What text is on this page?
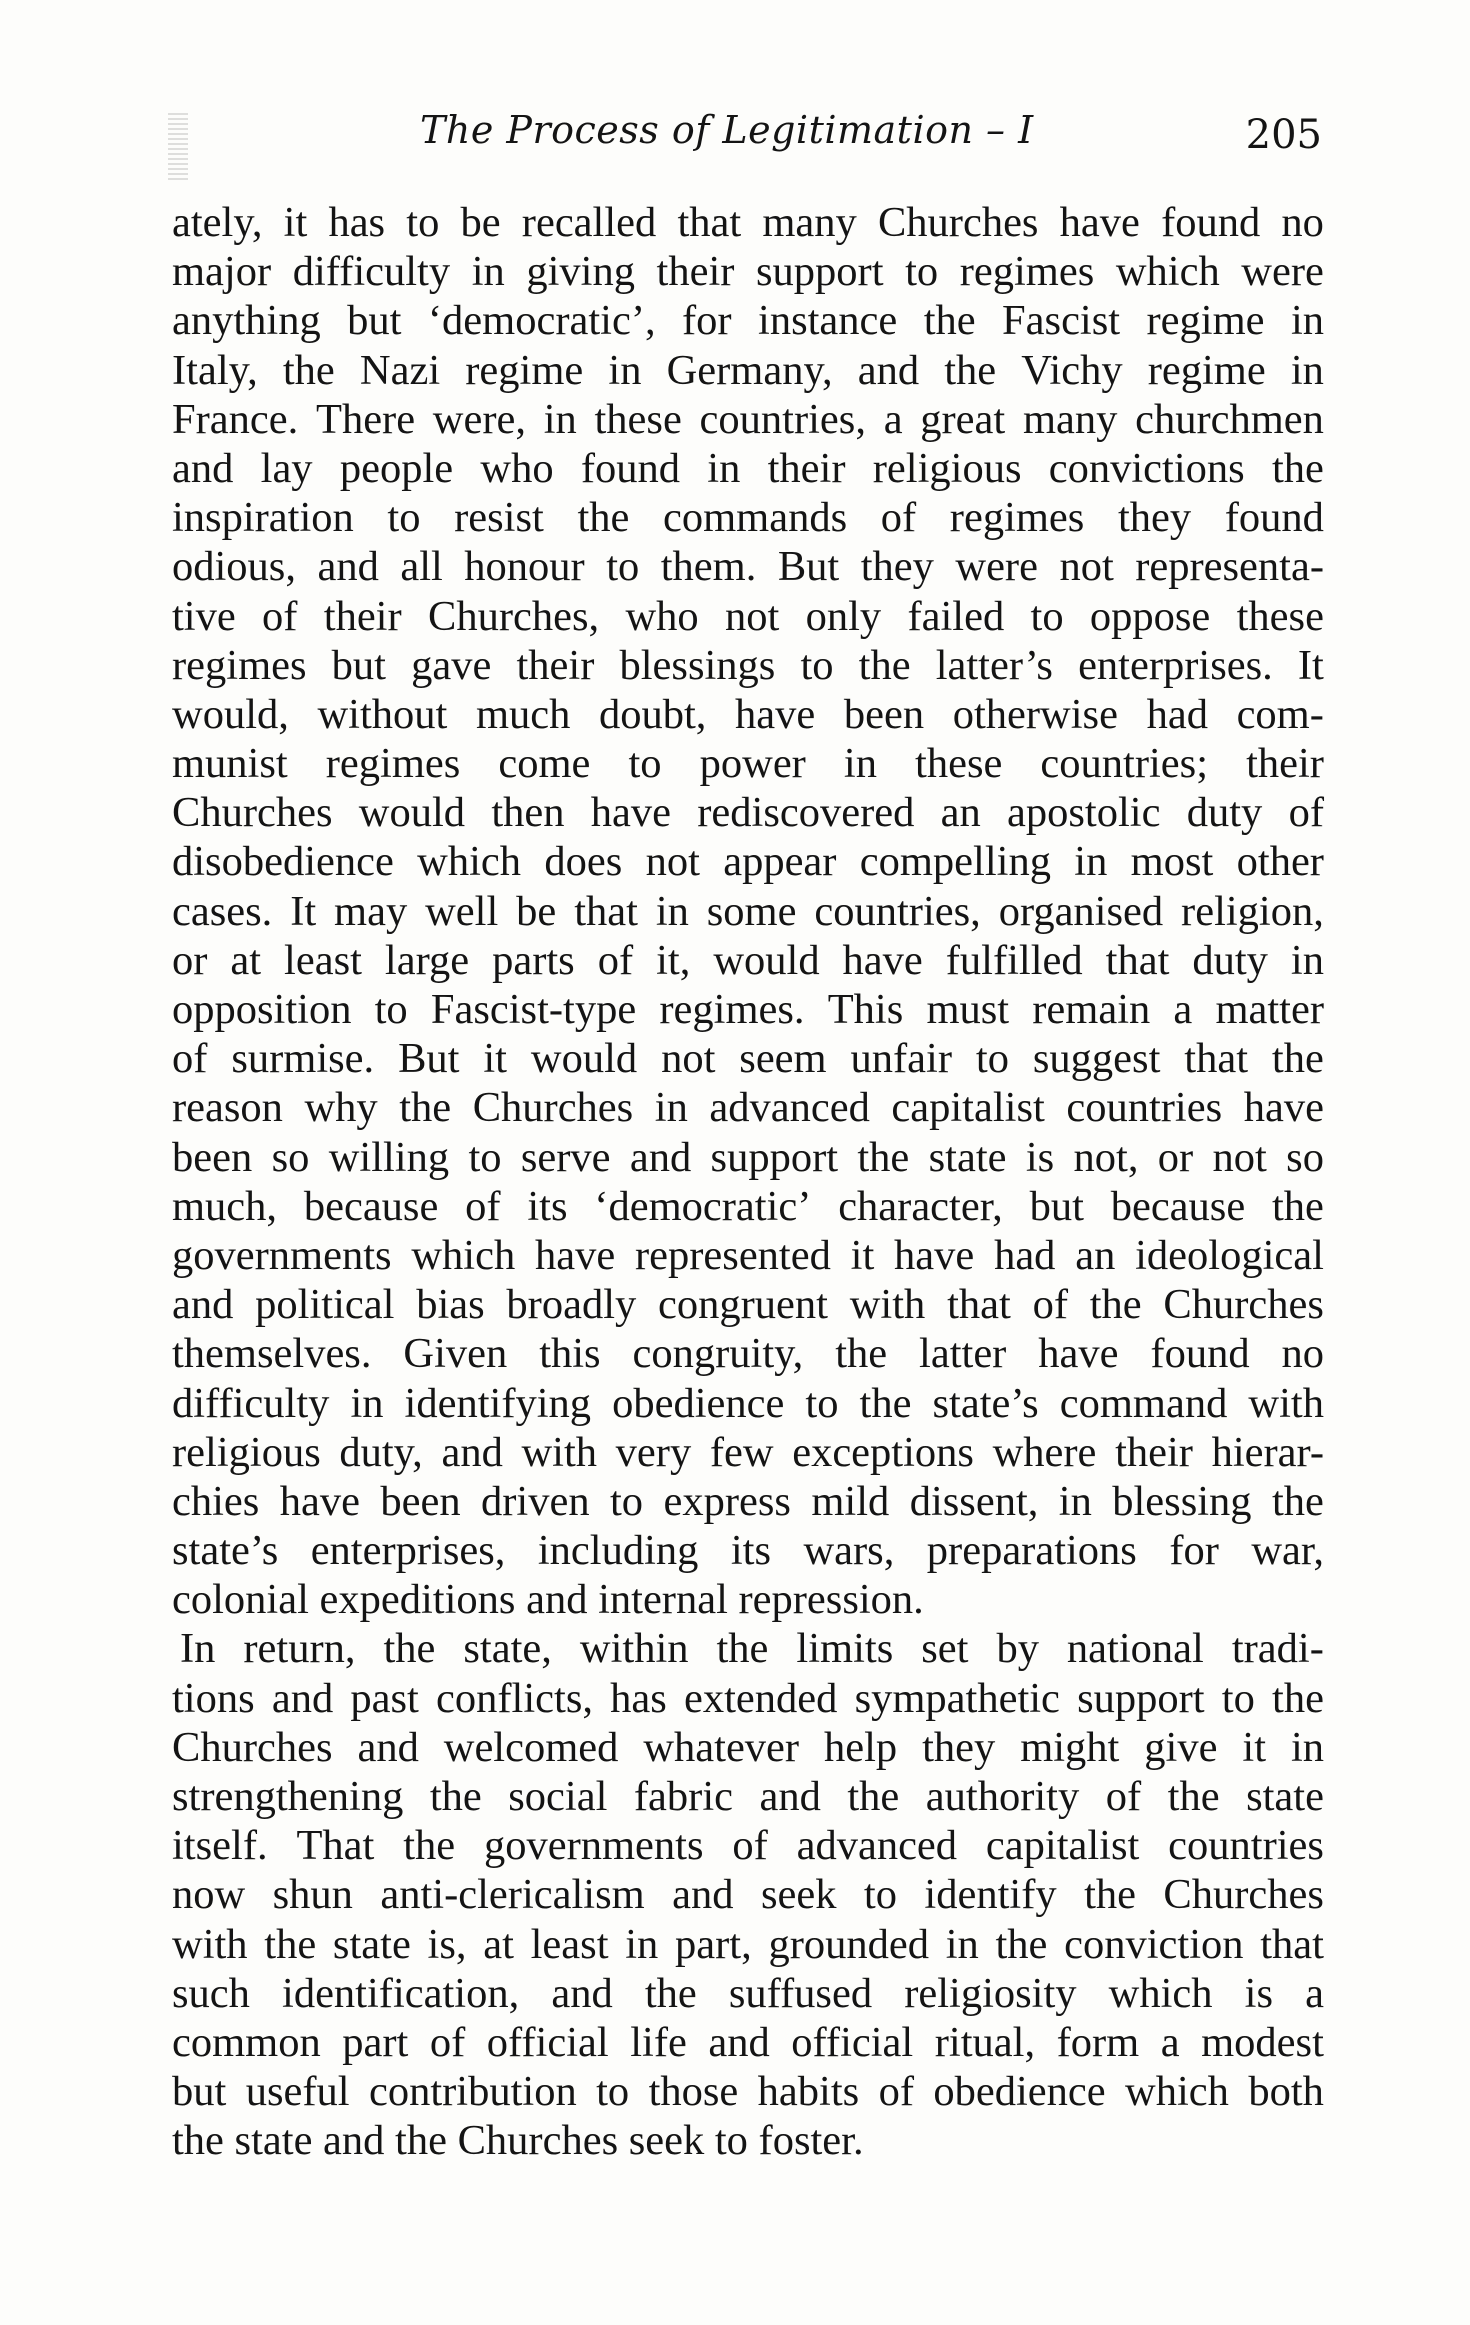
The Process of Legitimation – I	205
ately, it has to be recalled that many Churches have found no
major difficulty in giving their support to regimes which were
anything but ‘democratic’, for instance the Fascist regime in
Italy, the Nazi regime in Germany, and the Vichy regime in
France. There were, in these countries, a great many churchmen
and lay people who found in their religious convictions the
inspiration to resist the commands of regimes they found
odious, and all honour to them. But they were not representa-
tive of their Churches, who not only failed to oppose these
regimes but gave their blessings to the latter’s enterprises. It
would, without much doubt, have been otherwise had com-
munist regimes come to power in these countries; their
Churches would then have rediscovered an apostolic duty of
disobedience which does not appear compelling in most other
cases. It may well be that in some countries, organised religion,
or at least large parts of it, would have fulfilled that duty in
opposition to Fascist-type regimes. This must remain a matter
of surmise. But it would not seem unfair to suggest that the
reason why the Churches in advanced capitalist countries have
been so willing to serve and support the state is not, or not so
much, because of its ‘democratic’ character, but because the
governments which have represented it have had an ideological
and political bias broadly congruent with that of the Churches
themselves. Given this congruity, the latter have found no
difficulty in identifying obedience to the state’s command with
religious duty, and with very few exceptions where their hierar-
chies have been driven to express mild dissent, in blessing the
state’s enterprises, including its wars, preparations for war,
colonial expeditions and internal repression.
In return, the state, within the limits set by national tradi-
tions and past conflicts, has extended sympathetic support to the
Churches and welcomed whatever help they might give it in
strengthening the social fabric and the authority of the state
itself. That the governments of advanced capitalist countries
now shun anti-clericalism and seek to identify the Churches
with the state is, at least in part, grounded in the conviction that
such identification, and the suffused religiosity which is a
common part of official life and official ritual, form a modest
but useful contribution to those habits of obedience which both
the state and the Churches seek to foster.
